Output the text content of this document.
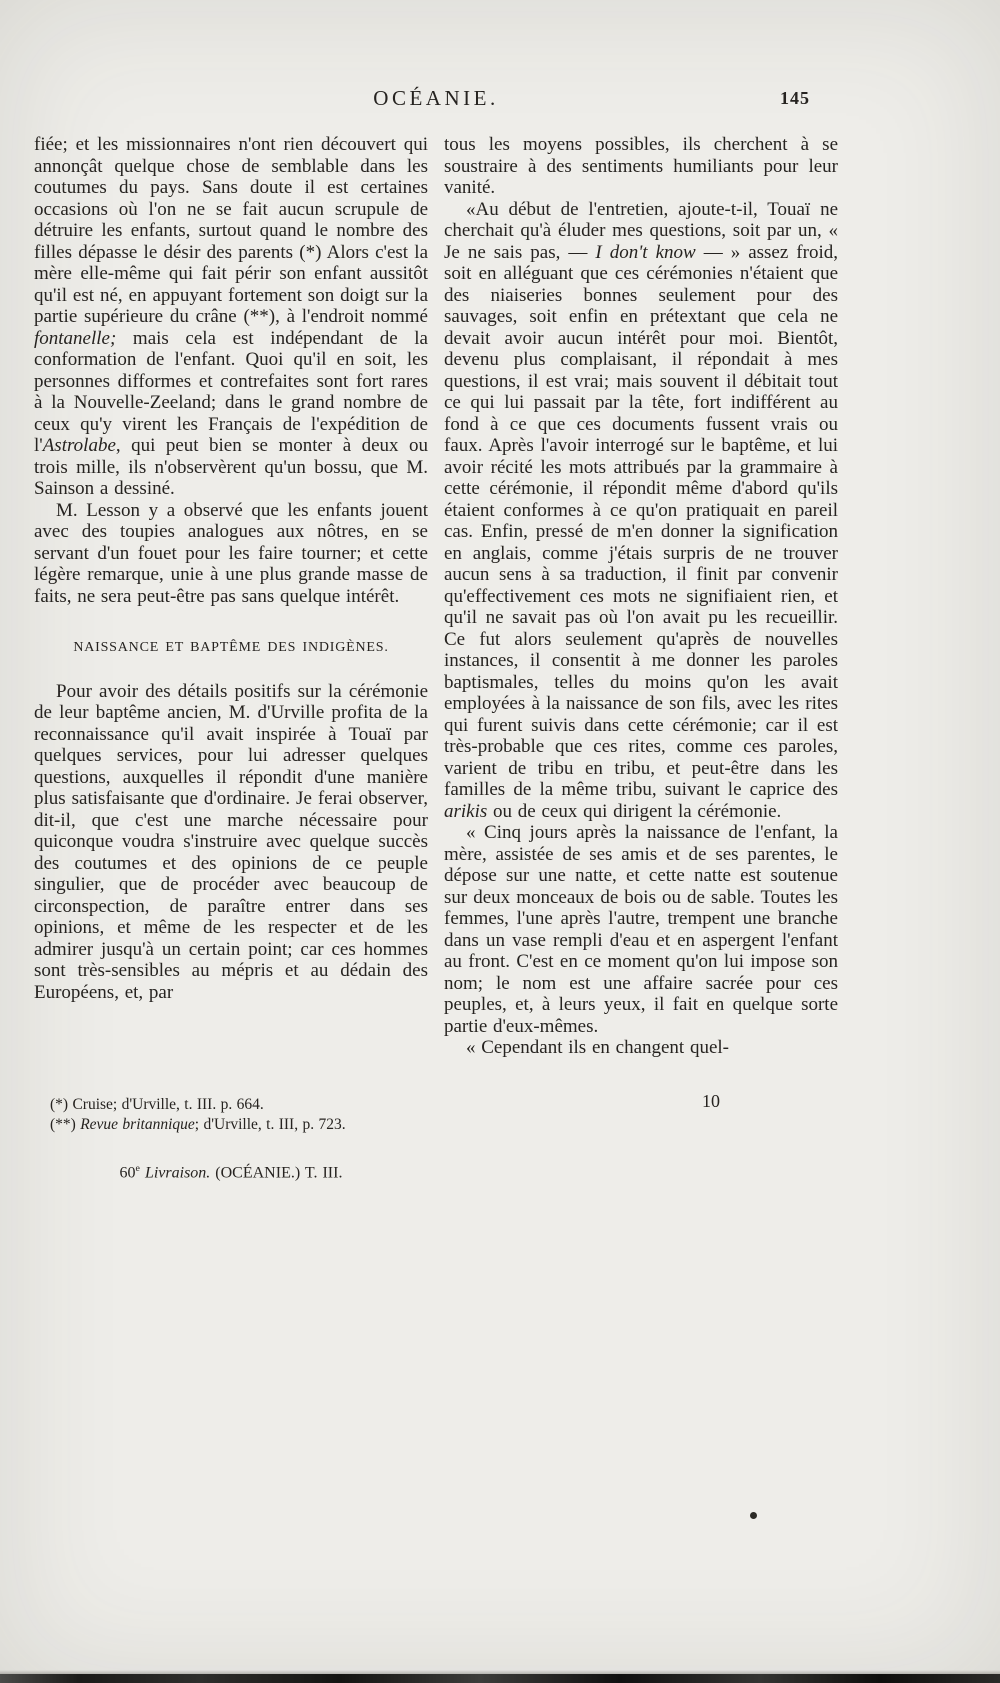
OCÉANIE.	145
fiée; et les missionnaires n'ont rien découvert qui annonçât quelque chose de semblable dans les coutumes du pays. Sans doute il est certaines occasions où l'on ne se fait aucun scrupule de détruire les enfants, surtout quand le nombre des filles dépasse le désir des parents (*) Alors c'est la mère elle-même qui fait périr son enfant aussitôt qu'il est né, en appuyant fortement son doigt sur la partie supérieure du crâne (**), à l'endroit nommé fontanelle; mais cela est indépendant de la conformation de l'enfant. Quoi qu'il en soit, les personnes difformes et contrefaites sont fort rares à la Nouvelle-Zeeland; dans le grand nombre de ceux qu'y virent les Français de l'expédition de l'Astrolabe, qui peut bien se monter à deux ou trois mille, ils n'observèrent qu'un bossu, que M. Sainson a dessiné.
M. Lesson y a observé que les enfants jouent avec des toupies analogues aux nôtres, en se servant d'un fouet pour les faire tourner; et cette légère remarque, unie à une plus grande masse de faits, ne sera peut-être pas sans quelque intérêt.
NAISSANCE ET BAPTÊME DES INDIGÈNES.
Pour avoir des détails positifs sur la cérémonie de leur baptême ancien, M. d'Urville profita de la reconnaissance qu'il avait inspirée à Touaï par quelques services, pour lui adresser quelques questions, auxquelles il répondit d'une manière plus satisfaisante que d'ordinaire. Je ferai observer, dit-il, que c'est une marche nécessaire pour quiconque voudra s'instruire avec quelque succès des coutumes et des opinions de ce peuple singulier, que de procéder avec beaucoup de circonspection, de paraître entrer dans ses opinions, et même de les respecter et de les admirer jusqu'à un certain point; car ces hommes sont très-sensibles au mépris et au dédain des Européens, et, par
(*) Cruise; d'Urville, t. III. p. 664.
(**) Revue britannique; d'Urville, t. III, p. 723.
60e Livraison. (OCÉANIE.) T. III.
tous les moyens possibles, ils cherchent à se soustraire à des sentiments humiliants pour leur vanité.
«Au début de l'entretien, ajoute-t-il, Touaï ne cherchait qu'à éluder mes questions, soit par un, « Je ne sais pas, — I don't know — » assez froid, soit en alléguant que ces cérémonies n'étaient que des niaiseries bonnes seulement pour des sauvages, soit enfin en prétextant que cela ne devait avoir aucun intérêt pour moi. Bientôt, devenu plus complaisant, il répondait à mes questions, il est vrai; mais souvent il débitait tout ce qui lui passait par la tête, fort indifférent au fond à ce que ces documents fussent vrais ou faux. Après l'avoir interrogé sur le baptême, et lui avoir récité les mots attribués par la grammaire à cette cérémonie, il répondit même d'abord qu'ils étaient conformes à ce qu'on pratiquait en pareil cas. Enfin, pressé de m'en donner la signification en anglais, comme j'étais surpris de ne trouver aucun sens à sa traduction, il finit par convenir qu'effectivement ces mots ne signifiaient rien, et qu'il ne savait pas où l'on avait pu les recueillir. Ce fut alors seulement qu'après de nouvelles instances, il consentit à me donner les paroles baptismales, telles du moins qu'on les avait employées à la naissance de son fils, avec les rites qui furent suivis dans cette cérémonie; car il est très-probable que ces rites, comme ces paroles, varient de tribu en tribu, et peut-être dans les familles de la même tribu, suivant le caprice des arikis ou de ceux qui dirigent la cérémonie.
« Cinq jours après la naissance de l'enfant, la mère, assistée de ses amis et de ses parentes, le dépose sur une natte, et cette natte est soutenue sur deux monceaux de bois ou de sable. Toutes les femmes, l'une après l'autre, trempent une branche dans un vase rempli d'eau et en aspergent l'enfant au front. C'est en ce moment qu'on lui impose son nom; le nom est une affaire sacrée pour ces peuples, et, à leurs yeux, il fait en quelque sorte partie d'eux-mêmes.
« Cependant ils en changent quel-
10
